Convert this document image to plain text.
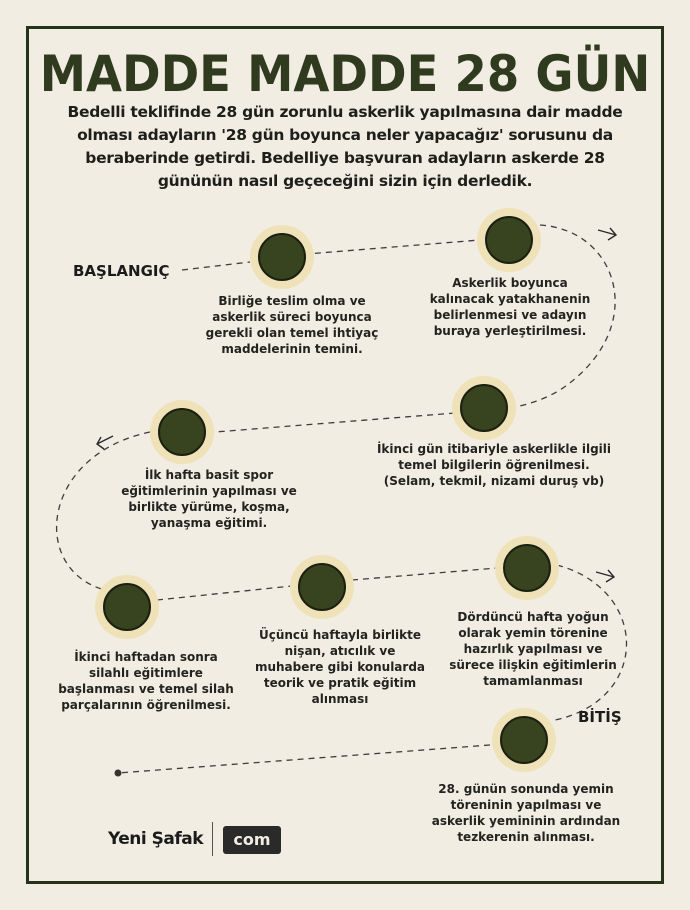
MADDE MADDE 28 GÜN
Bedelli teklifinde 28 gün zorunlu askerlik yapılmasına dair madde olması adayların '28 gün boyunca neler yapacağız' sorusunu da beraberinde getirdi. Bedelliye başvuran adayların askerde 28 gününün nasıl geçeceğini sizin için derledik.
BAŞLANGIÇ
BİTİŞ
Birliğe teslim olma ve askerlik süreci boyunca gerekli olan temel ihtiyaç maddelerinin temini.
Askerlik boyunca kalınacak yatakhanenin belirlenmesi ve adayın buraya yerleştirilmesi.
İkinci gün itibariyle askerlikle ilgili temel bilgilerin öğrenilmesi. (Selam, tekmil, nizami duruş vb)
İlk hafta basit spor eğitimlerinin yapılması ve birlikte yürüme, koşma, yanaşma eğitimi.
İkinci haftadan sonra silahlı eğitimlere başlanması ve temel silah parçalarının öğrenilmesi.
Üçüncü haftayla birlikte nişan, atıcılık ve muhabere gibi konularda teorik ve pratik eğitim alınması
Dördüncü hafta yoğun olarak yemin törenine hazırlık yapılması ve sürece ilişkin eğitimlerin tamamlanması
28. günün sonunda yemin töreninin yapılması ve askerlik yemininin ardından tezkerenin alınması.
Yeni Şafak	com
